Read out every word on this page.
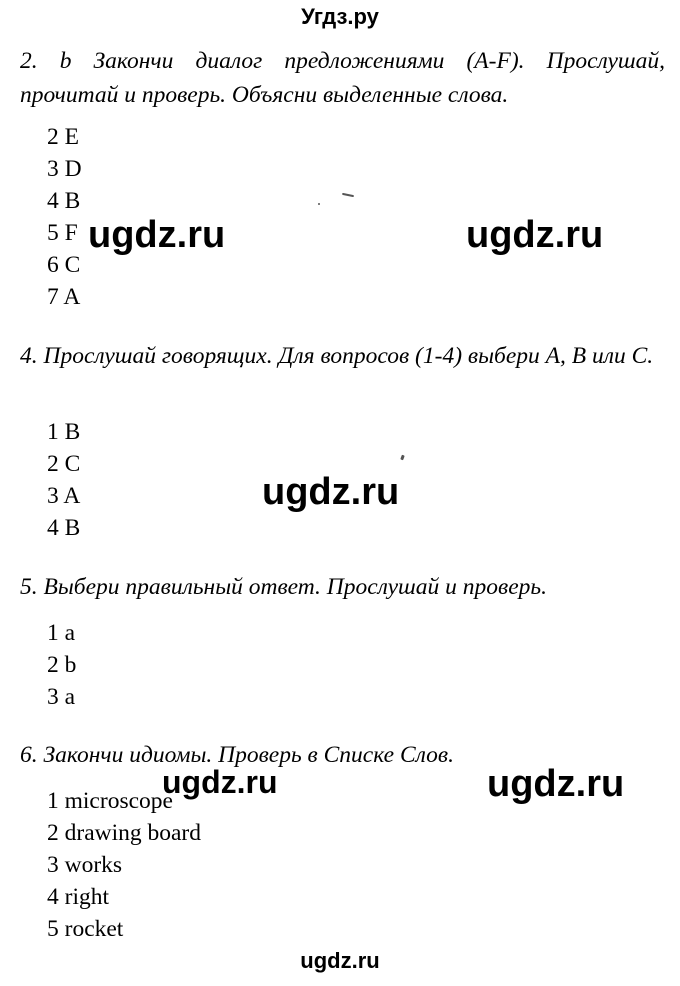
Угдз.ру
2. b Закончи диалог предложениями (A-F). Прослушай, прочитай и проверь. Объясни выделенные слова.
2 E
3 D
4 B
5 F
6 C
7 A
4. Прослушай говорящих. Для вопросов (1-4) выбери A, B или C.
1 B
2 C
3 A
4 B
5. Выбери правильный ответ. Прослушай и проверь.
1 a
2 b
3 a
6. Закончи идиомы. Проверь в Списке Слов.
1 microscope
2 drawing board
3 works
4 right
5 rocket
ugdz.ru	ugdz.ru
ugdz.ru
ugdz.ru	ugdz.ru
ugdz.ru
